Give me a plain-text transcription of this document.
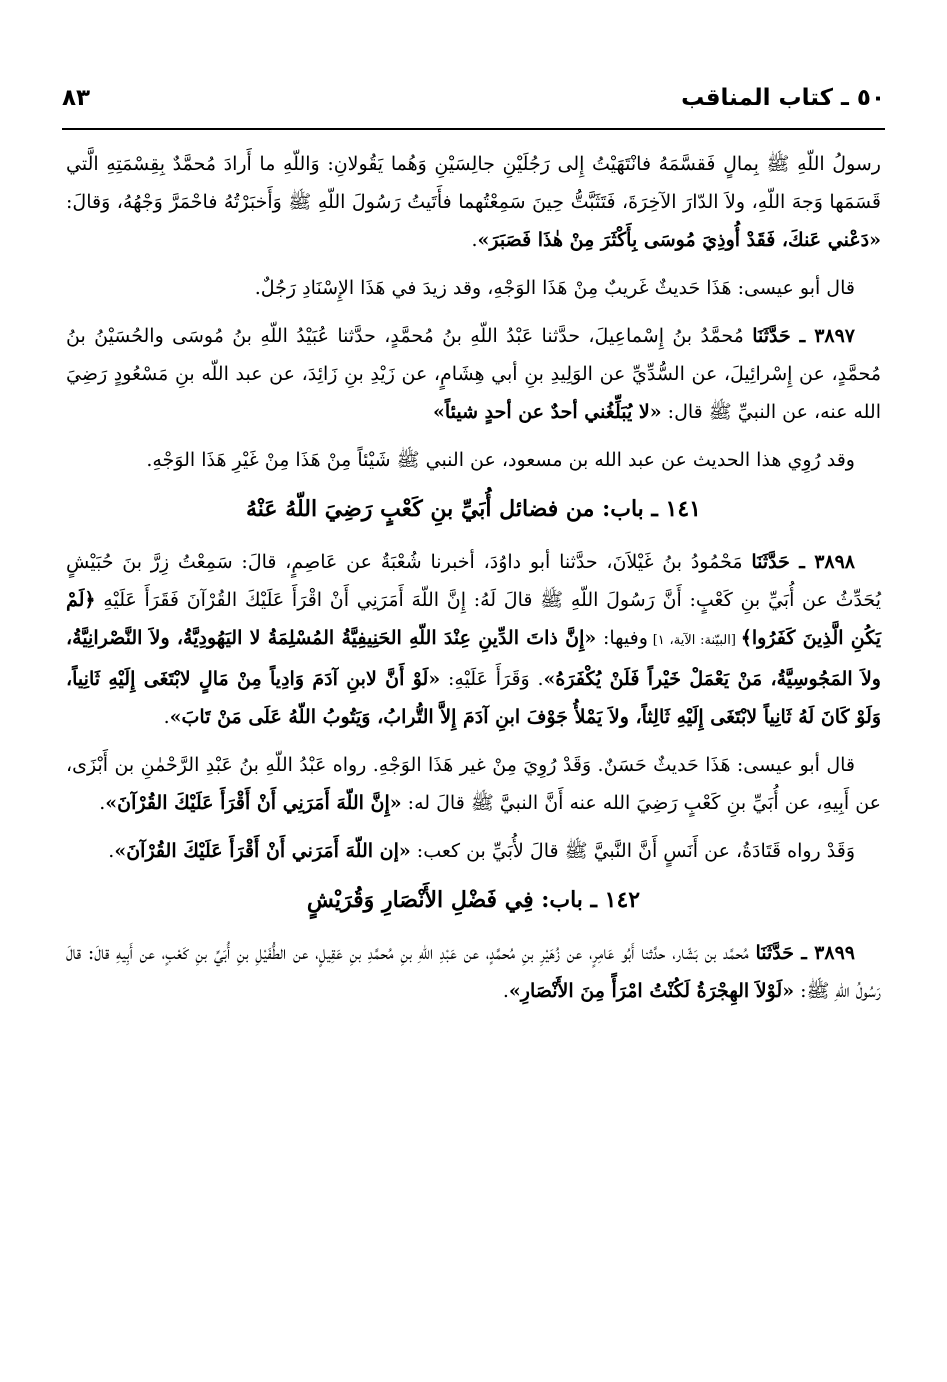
٨٣	٥٠ ـ كتاب المناقب

رسولُ اللّهِ ﷺ بِمالٍ فَقسَّمَهُ فانْتَهَيْتُ إِلى رَجُلَيْنِ جالِسَيْنِ وَهُما يَقُولانِ: وَاللّهِ ما أَرادَ مُحمَّدٌ بِقِسْمَتِهِ الَّتي قَسَمَها وَجهَ اللّهِ، ولاَ الدّارَ الآخِرَةَ، فَتَثَبَّتُّ حِينَ سَمِعْتُهما فأَتَيتُ رَسُولَ اللّهِ ﷺ وَأَخبَرْتُهُ فاحْمَرَّ وَجْهُهُ، وَقالَ: «دَعْني عَنكَ، فَقَدْ أُوذِيَ مُوسَى بِأَكْثَرَ مِنْ هٰذَا فَصَبَرَ».

قال أبو عيسى: هَذَا حَديثٌ غَريبٌ مِنْ هَذَا الوَجْهِ، وقد زيدَ في هَذَا الإِسْنَادِ رَجُلٌ.

٣٨٩٧ ـ حَدَّثَنَا مُحمَّدُ بنُ إِسْماعِيلَ، حدَّثنا عَبْدُ اللّهِ بنُ مُحمَّدٍ، حدَّثنا عُبَيْدُ اللّهِ بنُ مُوسَى والحُسَيْنُ بنُ مُحمَّدٍ، عن إِسْرائِيلَ، عن السُّدِّيِّ عن الوَلِيدِ بنِ أبي هِشَامٍ، عن زَيْدِ بنِ زَائِدَ، عن عبد اللّه بنِ مَسْعُودٍ رَضِيَ الله عنه، عن النبيِّ ﷺ قال: «لا يُبَلِّغُني أحدٌ عن أحدٍ شيئاً»

وقد رُوِي هذا الحديث عن عبد الله بن مسعود، عن النبي ﷺ شَيْئاً مِنْ هَذَا مِنْ غَيْرِ هَذَا الوَجْهِ.

١٤١ ـ باب: من فضائل أُبَيِّ بنِ كَعْبٍ رَضِيَ اللّهُ عَنْهُ

٣٨٩٨ ـ حَدَّثَنَا مَحْمُودُ بنُ غَيْلاَنَ، حدَّثنا أبو داوُدَ، أخبرنا شُعْبَةُ عن عَاصِمٍ، قالَ: سَمِعْتُ زِرَّ بنَ حُبَيْشٍ يُحَدِّثُ عن أُبَيِّ بنِ كَعْبٍ: أَنَّ رَسُولَ اللّهِ ﷺ قالَ لَهُ: إِنَّ اللّهَ أَمَرَنِي أَنْ اقْرَأَ عَلَيْكَ القُرْآنَ فَقَرَأَ عَلَيْهِ ﴿لَمْ يَكُنِ الَّذِينَ كَفَرُوا﴾ [البيّنة: الآية، ١] وفيها: «إِنَّ ذاتَ الدِّينِ عِنْدَ اللّهِ الحَنِيفِيَّةُ المُسْلِمَةُ لا اليَهُودِيَّةُ، ولاَ النَّصْرانِيَّةُ، ولاَ المَجُوسِيَّةُ، مَنْ يَعْمَلْ خَيْراً فَلَنْ يُكْفَرَهُ». وَقَرَأَ عَلَيْهِ: «لَوْ أَنَّ لابنِ آدَمَ وَادِياً مِنْ مَالٍ لابْتَغَى إِلَيْهِ ثَانِياً، وَلَوْ كَانَ لَهُ ثَانِياً لابْتَغَى إِلَيْهِ ثَالِثاً، ولاَ يَمْلأُ جَوْفَ ابنِ آدَمَ إِلاَّ التُّرابُ، وَيَتُوبُ اللّهُ عَلَى مَنْ تَابَ».

قال أبو عيسى: هَذَا حَديثٌ حَسَنٌ. وَقَدْ رُوِيَ مِنْ غير هَذَا الوَجْهِ. رواه عَبْدُ اللّهِ بنُ عَبْدِ الرَّحْمٰنِ بن أَبْزَى، عن أَبِيهِ، عن أُبَيِّ بنِ كَعْبٍ رَضِيَ الله عنه أَنَّ النبيَّ ﷺ قالَ له: «إِنَّ اللّهَ أَمَرَنِي أَنْ أَقْرَأَ عَلَيْكَ القُرْآنَ».

وَقَدْ رواه قَتَادَةُ، عن أَنَسٍ أَنَّ النَّبيَّ ﷺ قالَ لأُبَيِّ بن كعب: «إن اللّهَ أَمَرَني أَنْ أَقْرَأَ عَلَيْكَ القُرْآنَ».

١٤٢ ـ باب: فِي فَضْلِ الأَنْصَارِ وَقُرَيْشٍ

٣٨٩٩ ـ حَدَّثَنَا مُحمَّد بن بَشّار، حدَّثنا أَبُو عَامِرٍ، عن زُهَيْرِ بنِ مُحمَّدٍ، عن عَبْدِ اللّهِ بنِ مُحمَّدِ بنِ عَقِيلٍ، عن الطُّفَيْلِ بنِ أُبَيِّ بنِ كَعْبٍ، عن أَبِيهِ قالَ: قالَ رَسُولُ اللّهِ ﷺ: «لَوْلاَ الهِجْرَةُ لَكُنْتُ امْرَأً مِنَ الأَنْصَارِ».
